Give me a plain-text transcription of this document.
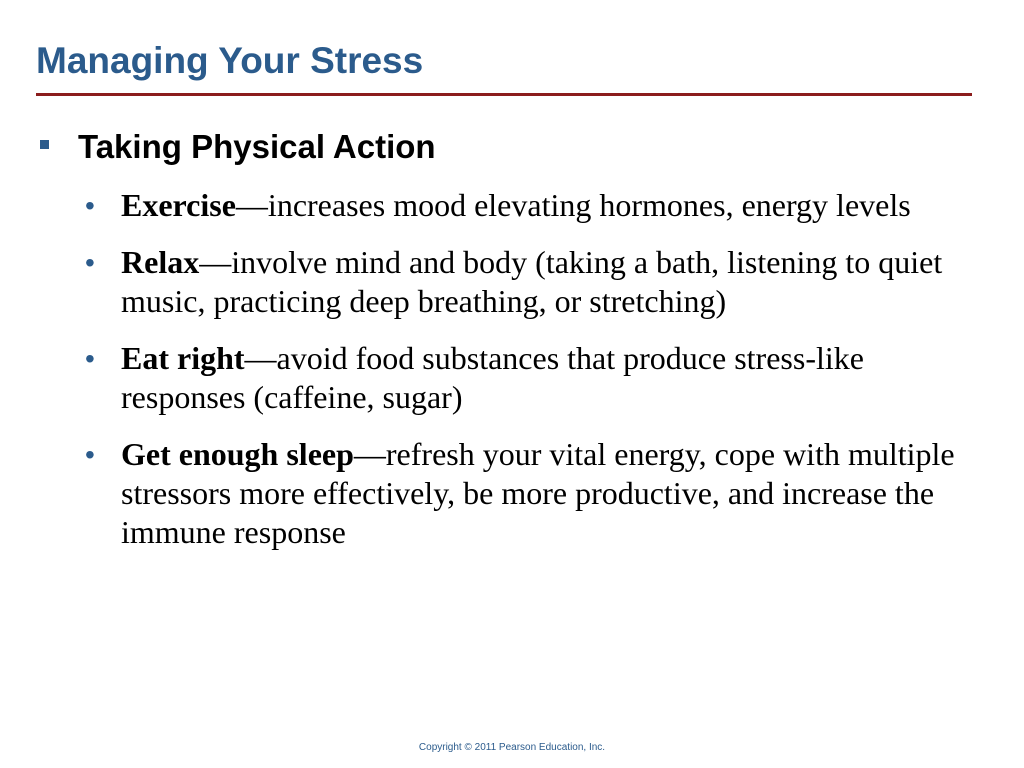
Managing Your Stress
Taking Physical Action
• Exercise—increases mood elevating hormones, energy levels
• Relax—involve mind and body (taking a bath, listening to quiet music, practicing deep breathing, or stretching)
• Eat right—avoid food substances that produce stress-like responses (caffeine, sugar)
• Get enough sleep—refresh your vital energy, cope with multiple stressors more effectively, be more productive, and increase the immune response
Copyright © 2011 Pearson Education, Inc.
